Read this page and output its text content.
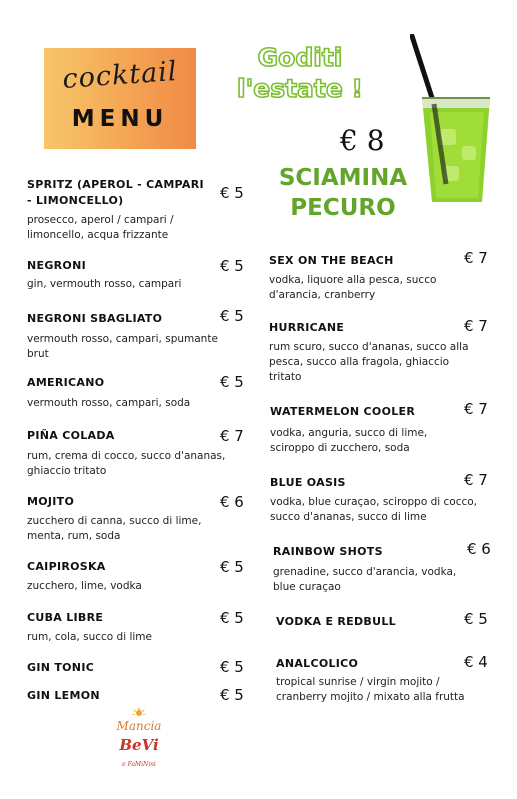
cocktail
MENU
Goditi
l'estate !
€ 8
SCIAMINA
PECURO
SPRITZ (APEROL - CAMPARI - LIMONCELLO)	€ 5
prosecco, aperol / campari / limoncello, acqua frizzante
NEGRONI	€ 5
gin, vermouth rosso, campari
NEGRONI SBAGLIATO	€ 5
vermouth rosso, campari, spumante brut
AMERICANO	€ 5
vermouth rosso, campari, soda
PIÑA COLADA	€ 7
rum, crema di cocco, succo d'ananas, ghiaccio tritato
MOJITO	€ 6
zucchero di canna, succo di lime, menta, rum, soda
CAIPIROSKA	€ 5
zucchero, lime, vodka
CUBA LIBRE	€ 5
rum, cola, succo di lime
GIN TONIC	€ 5
GIN LEMON	€ 5
SEX ON THE BEACH	€ 7
vodka, liquore alla pesca, succo d'arancia, cranberry
HURRICANE	€ 7
rum scuro, succo d'ananas, succo alla pesca, succo alla fragola, ghiaccio tritato
WATERMELON COOLER	€ 7
vodka, anguria, succo di lime, sciroppo di zucchero, soda
BLUE OASIS	€ 7
vodka, blue curaçao, sciroppo di cocco, succo d'ananas, succo di lime
RAINBOW SHOTS	€ 6
grenadine, succo d'arancia, vodka, blue curaçao
VODKA E REDBULL	€ 5
ANALCOLICO	€ 4
tropical sunrise / virgin mojito / cranberry mojito / mixato alla frutta
Mancia
BeVi
e FaMiNmi
